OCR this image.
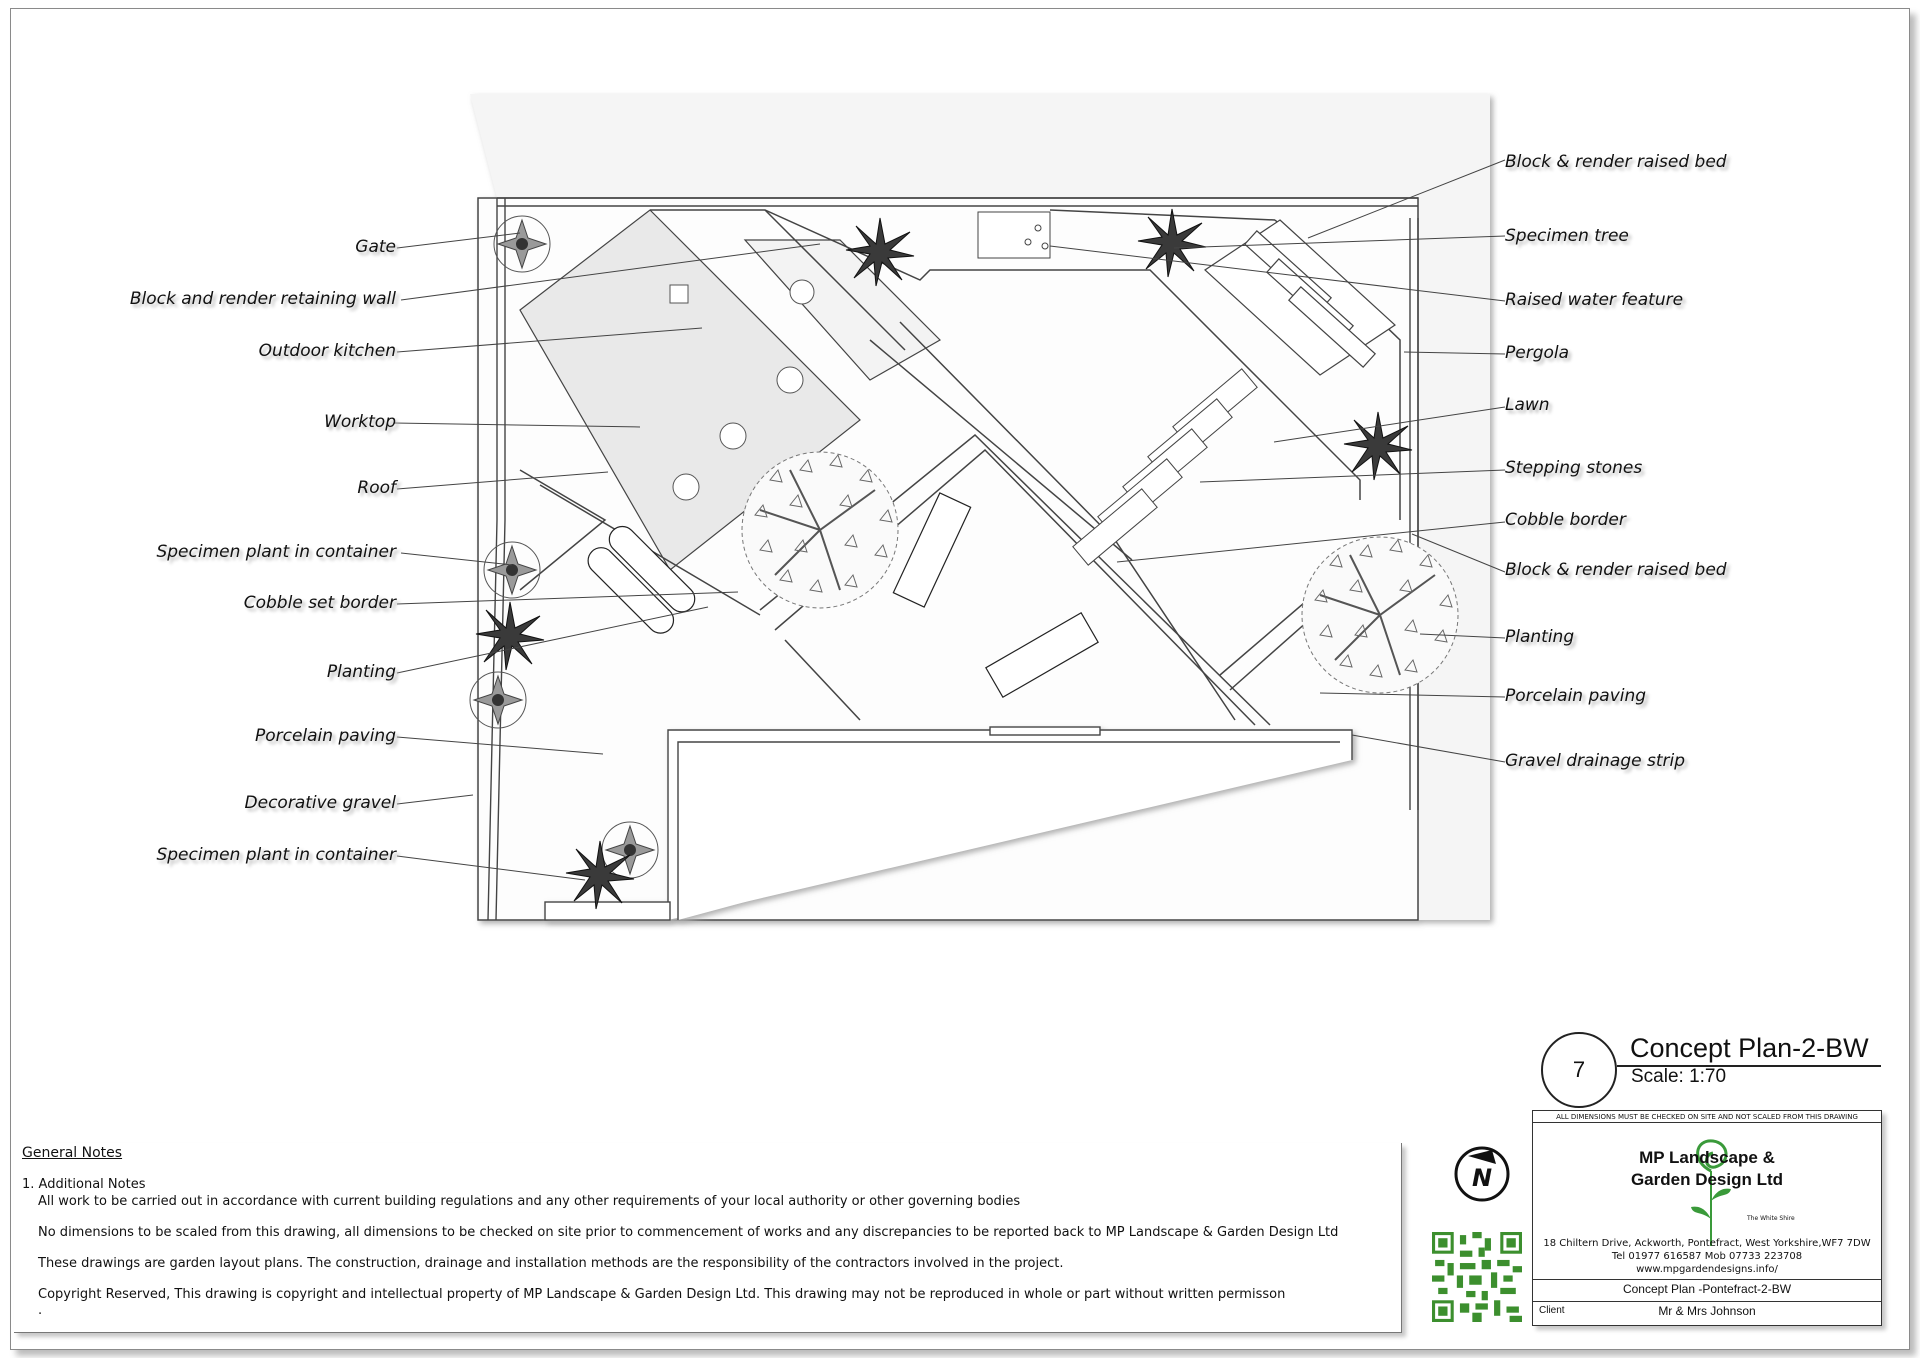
Gate
Block and render retaining wall
Outdoor kitchen
Worktop
Roof
Specimen plant in container
Cobble set border
Planting
Porcelain paving
Decorative gravel
Specimen plant in container
Block & render raised bed
Specimen tree
Raised water feature
Pergola
Lawn
Stepping stones
Cobble border
Block & render raised bed
Planting
Porcelain paving
Gravel drainage strip
General Notes
1. Additional Notes
All work to be carried out in accordance with current building regulations and any other requirements of your local authority or other governing bodies
No dimensions to be scaled from this drawing, all dimensions to be checked on site prior to commencement of works and any discrepancies to be reported back to MP Landscape & Garden Design Ltd
These drawings are garden layout plans. The construction, drainage and installation methods are the responsibility of the contractors involved in the project.
Copyright Reserved, This drawing is copyright and intellectual property of MP Landscape & Garden Design Ltd. This drawing may not be reproduced in whole or part without written permisson
.
7
Concept Plan-2-BW
Scale: 1:70
N
ALL DIMENSIONS MUST BE CHECKED ON SITE AND NOT SCALED FROM THIS DRAWING
MP Landscape &
Garden Design Ltd
The White Shire
18 Chiltern Drive, Ackworth, Pontefract, West Yorkshire,WF7 7DW
Tel 01977 616587 Mob 07733 223708
www.mpgardendesigns.info/
Concept Plan -Pontefract-2-BW
Client	Mr & Mrs Johnson
